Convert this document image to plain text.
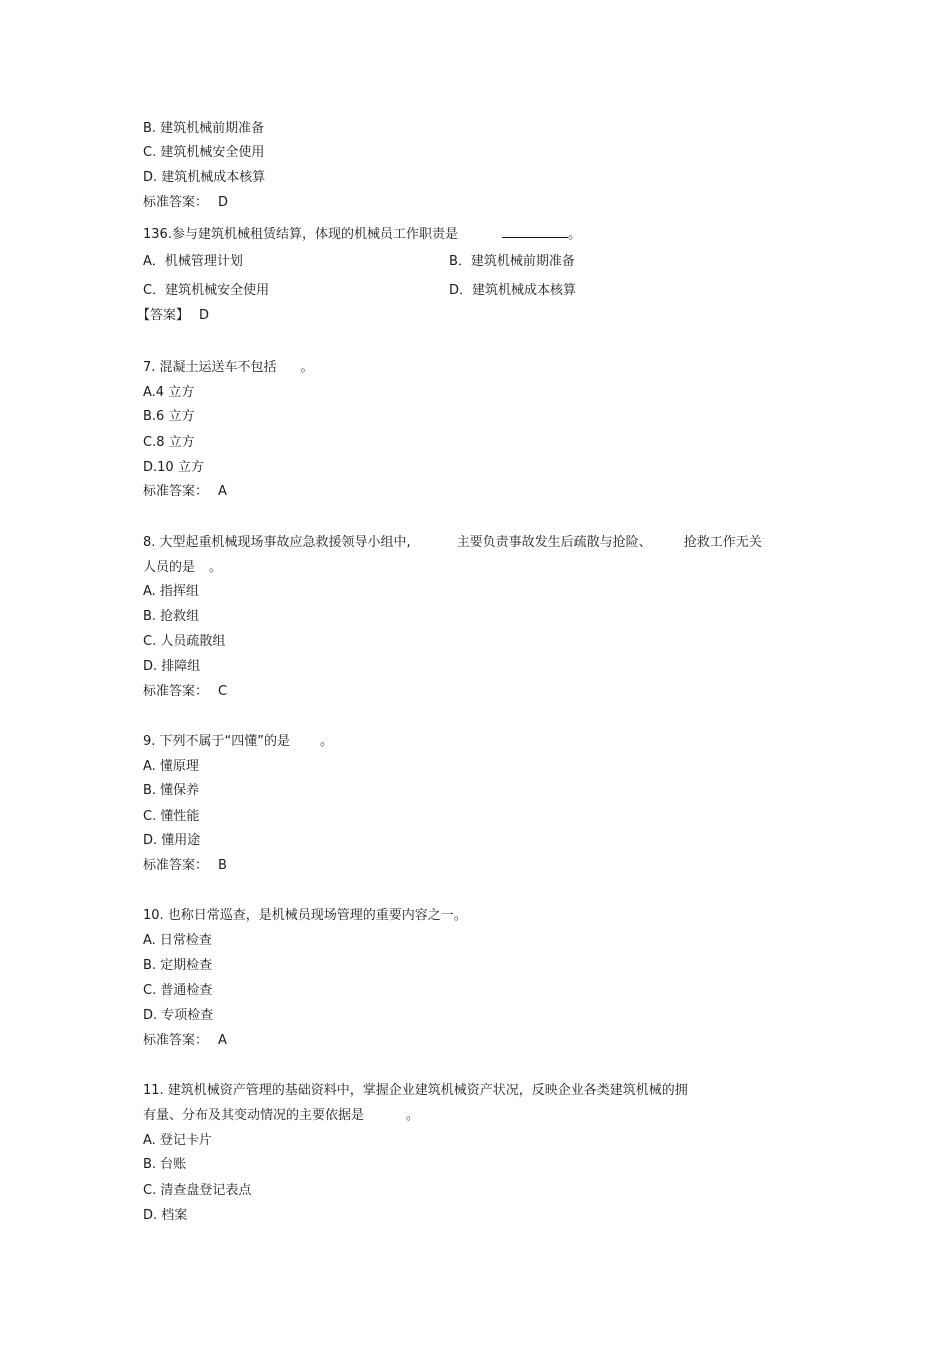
B. 建筑机械前期准备
C. 建筑机械安全使用
D. 建筑机械成本核算
标准答案： D
136.参与建筑机械租赁结算，体现的机械员工作职责是	。
A．机械管理计划	B．建筑机械前期准备
C．建筑机械安全使用	D．建筑机械成本核算
【答案】 D
7. 混凝土运送车不包括 。
A.4 立方
B.6 立方
C.8 立方
D.10 立方
标准答案： A
8. 大型起重机械现场事故应急救援领导小组中,	主要负责事故发生后疏散与抢险、 抢救工作无关
人员的是 。
A. 指挥组
B. 抢救组
C. 人员疏散组
D. 排障组
标准答案： C
9. 下列不属于“四懂”的是 。
A. 懂原理
B. 懂保养
C. 懂性能
D. 懂用途
标准答案： B
10. 也称日常巡查，是机械员现场管理的重要内容之一。
A. 日常检查
B. 定期检查
C. 普通检查
D. 专项检查
标准答案： A
11. 建筑机械资产管理的基础资料中，掌握企业建筑机械资产状况，反映企业各类建筑机械的拥
有量、分布及其变动情况的主要依据是	。
A. 登记卡片
B. 台账
C. 清查盘登记表点
D. 档案
